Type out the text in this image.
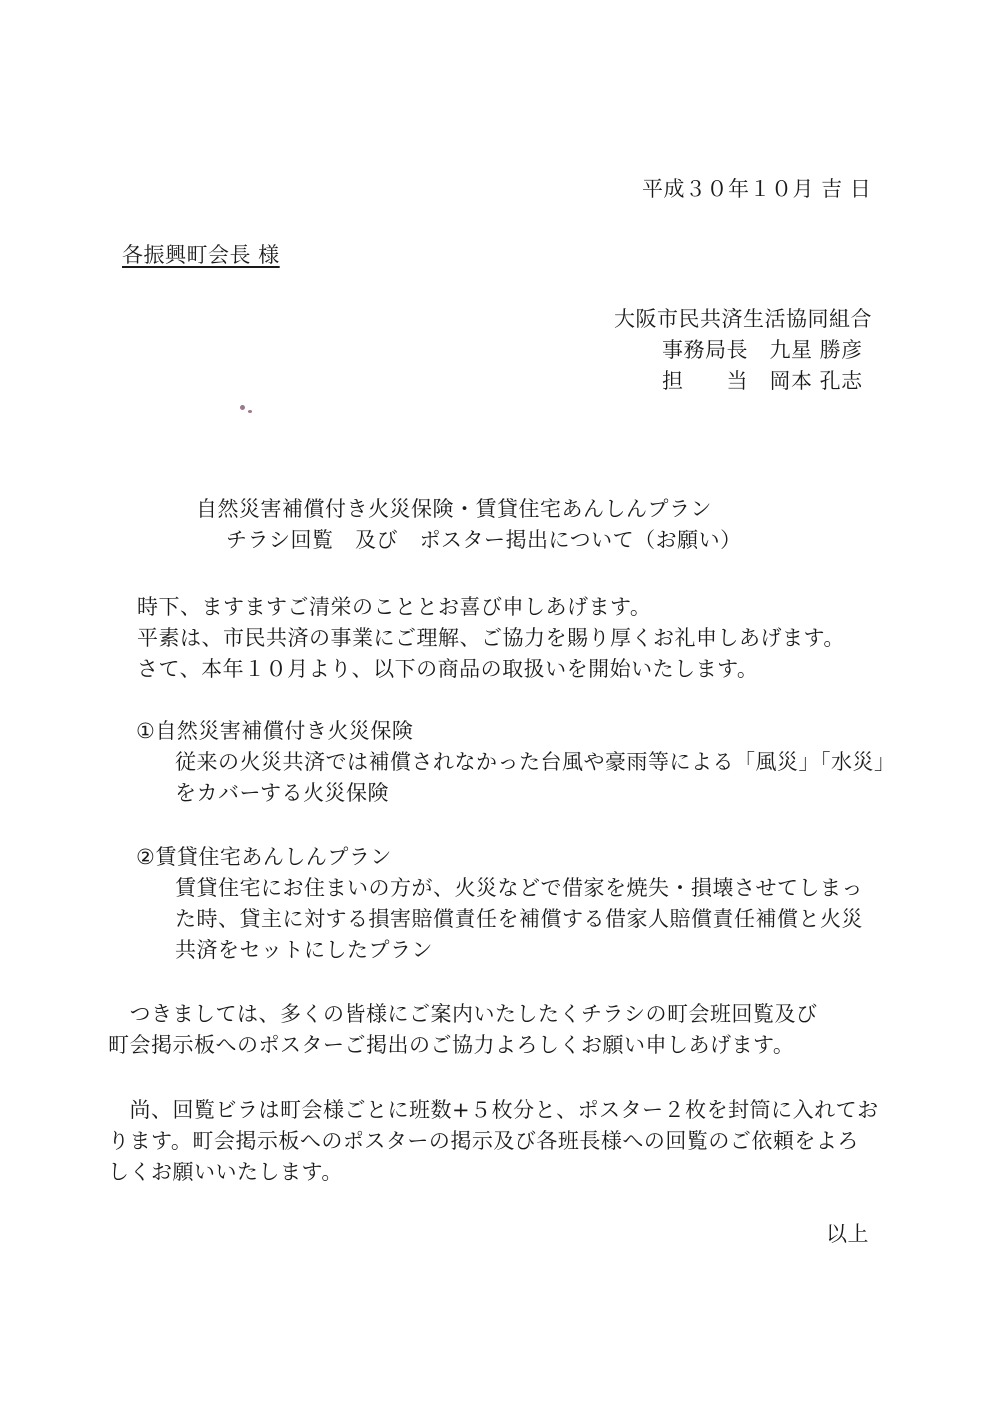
平成３０年１０月 吉 日
各振興町会長 様
大阪市民共済生活協同組合
事務局長　九星 勝彦
担　　当　岡本 孔志
自然災害補償付き火災保険・賃貸住宅あんしんプラン
チラシ回覧　及び　ポスター掲出について（お願い）
時下、ますますご清栄のこととお喜び申しあげます。
平素は、市民共済の事業にご理解、ご協力を賜り厚くお礼申しあげます。
さて、本年１０月より、以下の商品の取扱いを開始いたします。
①自然災害補償付き火災保険
従来の火災共済では補償されなかった台風や豪雨等による「風災」「水災」
をカバーする火災保険
②賃貸住宅あんしんプラン
賃貸住宅にお住まいの方が、火災などで借家を焼失・損壊させてしまっ
た時、貸主に対する損害賠償責任を補償する借家人賠償責任補償と火災
共済をセットにしたプラン
　つきましては、多くの皆様にご案内いたしたくチラシの町会班回覧及び
町会掲示板へのポスターご掲出のご協力よろしくお願い申しあげます。
　尚、回覧ビラは町会様ごとに班数+５枚分と、ポスター２枚を封筒に入れてお
ります。町会掲示板へのポスターの掲示及び各班長様への回覧のご依頼をよろ
しくお願いいたします。
以上
